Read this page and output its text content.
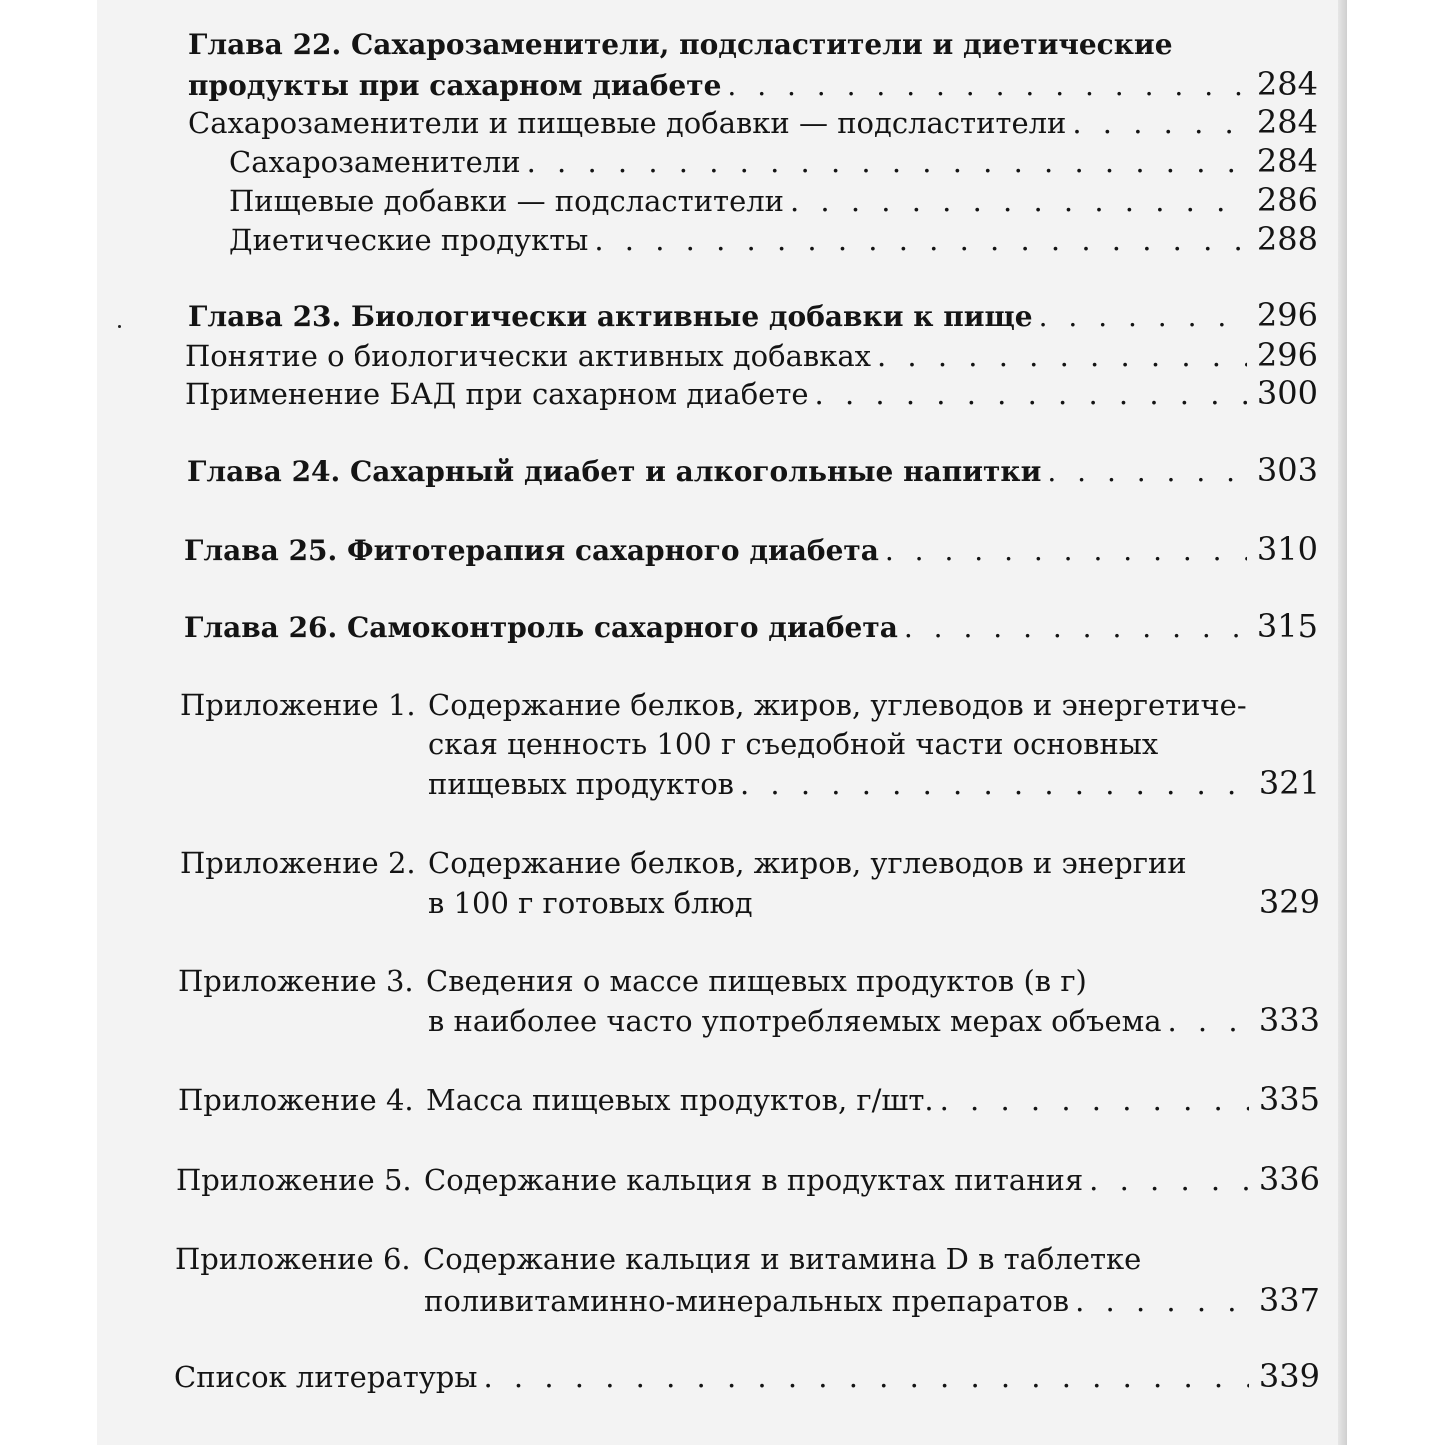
Глава 22. Сахарозаменители, подсластители и диетические
продукты при сахарном диабете . . .	284
Сахарозаменители и пищевые добавки — подсластители . . .	284
Сахарозаменители . . .	284
Пищевые добавки — подсластители . . .	286
Диетические продукты . . .	288
Глава 23. Биологически активные добавки к пище . . .	296
Понятие о биологически активных добавках . . .	296
Применение БАД при сахарном диабете . . .	300
Глава 24. Сахарный диабет и алкогольные напитки . . .	303
Глава 25. Фитотерапия сахарного диабета . . .	310
Глава 26. Самоконтроль сахарного диабета . . .	315
Приложение 1. Содержание белков, жиров, углеводов и энергетиче-
ская ценность 100 г съедобной части основных
пищевых продуктов . . .	321
Приложение 2. Содержание белков, жиров, углеводов и энергии
в 100 г готовых блюд	329
Приложение 3. Сведения о массе пищевых продуктов (в г)
в наиболее часто употребляемых мерах объема . . .	333
Приложение 4. Масса пищевых продуктов, г/шт. . . .	335
Приложение 5. Содержание кальция в продуктах питания . . .	336
Приложение 6. Содержание кальция и витамина D в таблетке
поливитаминно-минеральных препаратов . . .	337
Список литературы . . .	339
